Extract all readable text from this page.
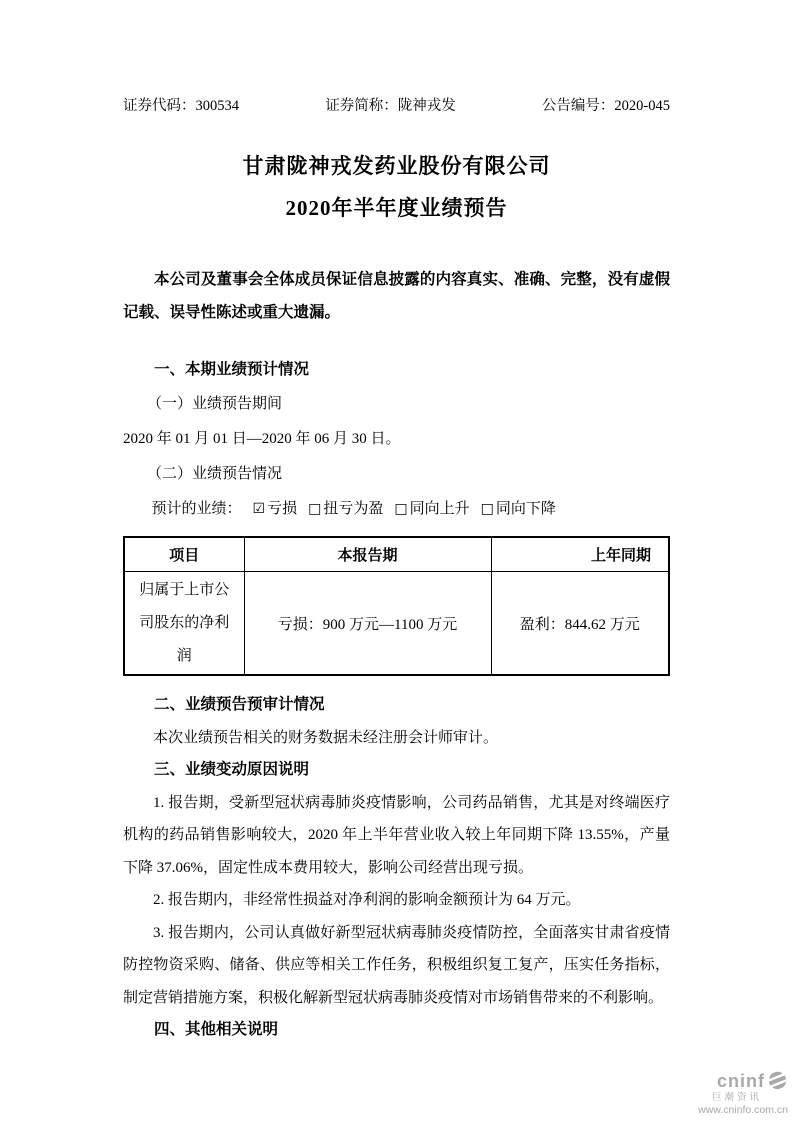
证券代码：300534	证券简称：陇神戎发	公告编号：2020-045
甘肃陇神戎发药业股份有限公司
2020年半年度业绩预告

本公司及董事会全体成员保证信息披露的内容真实、准确、完整，没有虚假记载、误导性陈述或重大遗漏。

一、本期业绩预计情况

（一）业绩预告期间

2020 年 01 月 01 日—2020 年 06 月 30 日。

（二）业绩预告情况

预计的业绩： ☑ 亏损 □ 扭亏为盈 □ 同向上升 □ 同向下降

项目	本报告期	上年同期
归属于上市公司股东的净利润	亏损：900 万元—1100 万元	盈利：844.62 万元

二、业绩预告预审计情况

本次业绩预告相关的财务数据未经注册会计师审计。

三、业绩变动原因说明

1. 报告期，受新型冠状病毒肺炎疫情影响，公司药品销售，尤其是对终端医疗机构的药品销售影响较大，2020 年上半年营业收入较上年同期下降 13.55%，产量下降 37.06%，固定性成本费用较大，影响公司经营出现亏损。

2. 报告期内，非经常性损益对净利润的影响金额预计为 64 万元。

3. 报告期内，公司认真做好新型冠状病毒肺炎疫情防控，全面落实甘肃省疫情防控物资采购、储备、供应等相关工作任务，积极组织复工复产，压实任务指标，制定营销措施方案，积极化解新型冠状病毒肺炎疫情对市场销售带来的不利影响。

四、其他相关说明

cninf
巨潮资讯
www.cninfo.com.cn
